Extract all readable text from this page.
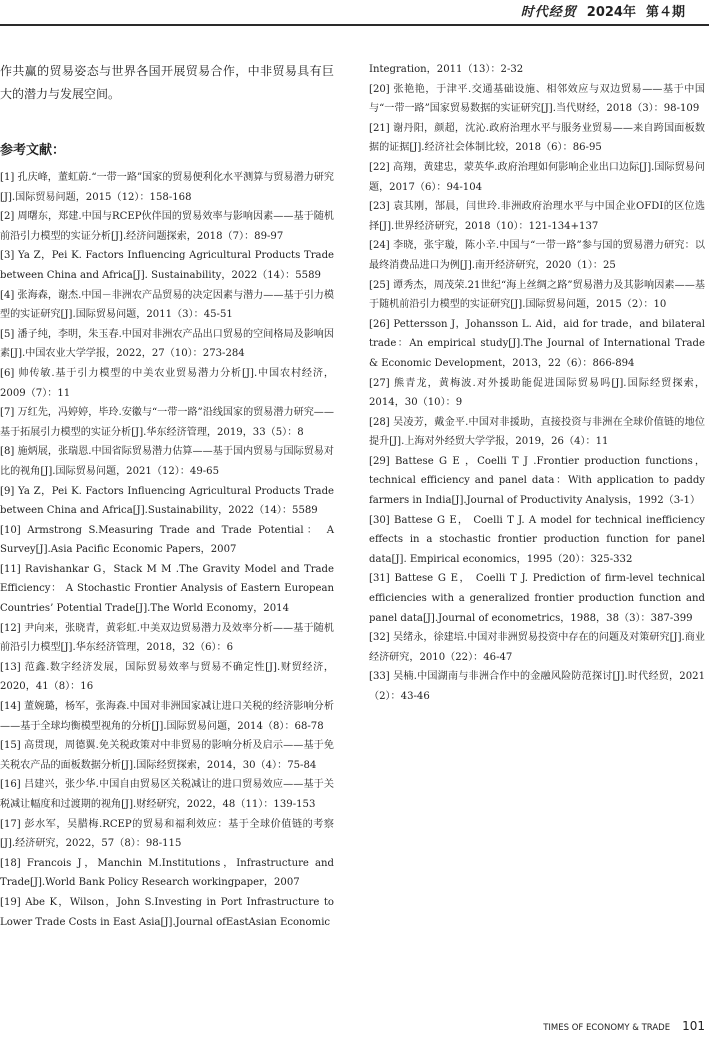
时代经贸 2024年 第４期

作共赢的贸易姿态与世界各国开展贸易合作，中非贸易具有巨大的潜力与发展空间。

参考文献：

[1] 孔庆峰，董虹蔚.“一带一路”国家的贸易便利化水平测算与贸易潜力研究[J].国际贸易问题，2015（12）：158-168

[2] 周曙东，郑建.中国与RCEP伙伴国的贸易效率与影响因素——基于随机前沿引力模型的实证分析[J].经济问题探索，2018（7）：89-97

[3] Ya Z，Pei K. Factors Influencing Agricultural Products Trade between China and Africa[J]. Sustainability，2022（14）：5589

[4] 张海森，谢杰.中国－非洲农产品贸易的决定因素与潜力——基于引力模型的实证研究[J].国际贸易问题，2011（3）：45-51

[5] 潘子纯，李明，朱玉春.中国对非洲农产品出口贸易的空间格局及影响因素[J].中国农业大学学报，2022，27（10）：273-284

[6] 帅传敏.基于引力模型的中美农业贸易潜力分析[J].中国农村经济，2009（7）：11

[7] 万红先，冯婷婷，毕玲.安徽与“一带一路”沿线国家的贸易潜力研究——基于拓展引力模型的实证分析[J].华东经济管理，2019，33（5）：8

[8] 施炳展，张瑞恩.中国省际贸易潜力估算——基于国内贸易与国际贸易对比的视角[J].国际贸易问题，2021（12）：49-65

[9] Ya Z，Pei K. Factors Influencing Agricultural Products Trade between China and Africa[J].Sustainability，2022（14）：5589

[10] Armstrong S.Measuring Trade and Trade Potential： A Survey[J].Asia Pacific Economic Papers，2007

[11] Ravishankar G，Stack M M .The Gravity Model and Trade Efficiency： A Stochastic Frontier Analysis of Eastern European Countries’ Potential Trade[J].The World Economy，2014

[12] 尹向来，张晓青，黄彩虹.中美双边贸易潜力及效率分析——基于随机前沿引力模型[J].华东经济管理，2018，32（6）：6

[13] 范鑫.数字经济发展，国际贸易效率与贸易不确定性[J].财贸经济，2020，41（8）：16

[14] 董婉璐，杨军，张海森.中国对非洲国家减让进口关税的经济影响分析——基于全球均衡模型视角的分析[J].国际贸易问题，2014（8）：68-78

[15] 高贯现，周德翼.免关税政策对中非贸易的影响分析及启示——基于免关税农产品的面板数据分析[J].国际经贸探索，2014，30（4）：75-84

[16] 吕建兴，张少华.中国自由贸易区关税减让的进口贸易效应——基于关税减让幅度和过渡期的视角[J].财经研究，2022，48（11）：139-153

[17] 彭水军，吴腊梅.RCEP的贸易和福利效应：基于全球价值链的考察[J].经济研究，2022，57（8）：98-115

[18] Francois J，Manchin M.Institutions，Infrastructure and Trade[J].World Bank Policy Research workingpaper，2007

[19] Abe K，Wilson，John S.Investing in Port Infrastructure to Lower Trade Costs in East Asia[J].Journal ofEastAsian Economic

Integration，2011（13）：2-32

[20] 张艳艳，于津平.交通基础设施、相邻效应与双边贸易——基于中国与“一带一路”国家贸易数据的实证研究[J].当代财经，2018（3）：98-109

[21] 谢丹阳，颜超，沈沁.政府治理水平与服务业贸易——来自跨国面板数据的证据[J].经济社会体制比较，2018（6）：86-95

[22] 高翔，黄建忠，蒙英华.政府治理如何影响企业出口边际[J].国际贸易问题，2017（6）：94-104

[23] 袁其刚，郜晨，闫世玲.非洲政府治理水平与中国企业OFDI的区位选择[J].世界经济研究，2018（10）：121-134+137

[24] 李晓，张宇璇，陈小辛.中国与“一带一路”参与国的贸易潜力研究：以最终消费品进口为例[J].南开经济研究，2020（1）：25

[25] 谭秀杰，周茂荣.21世纪“海上丝绸之路”贸易潜力及其影响因素——基于随机前沿引力模型的实证研究[J].国际贸易问题，2015（2）：10

[26] Pettersson J，Johansson L. Aid，aid for trade，and bilateral trade：An empirical study[J].The Journal of International Trade & Economic Development，2013，22（6）：866-894

[27] 熊青龙，黄梅波.对外援助能促进国际贸易吗[J].国际经贸探索，2014，30（10）：9

[28] 吴凌芳，戴金平.中国对非援助，直接投资与非洲在全球价值链的地位提升[J].上海对外经贸大学学报，2019，26（4）：11

[29] Battese G E ，Coelli T J .Frontier production functions，technical efficiency and panel data：With application to paddy farmers in India[J].Journal of Productivity Analysis，1992（3-1）

[30] Battese G E， Coelli T J. A model for technical inefficiency effects in a stochastic frontier production function for panel data[J]. Empirical economics，1995（20）：325-332

[31] Battese G E， Coelli T J. Prediction of firm-level technical efficiencies with a generalized frontier production function and panel data[J].Journal of econometrics，1988，38（3）：387-399

[32] 吴绪永，徐建培.中国对非洲贸易投资中存在的问题及对策研究[J].商业经济研究，2010（22）：46-47

[33] 吴楠.中国湖南与非洲合作中的金融风险防范探讨[J].时代经贸，2021（2）：43-46

TIMES OF ECONOMY & TRADE 101
